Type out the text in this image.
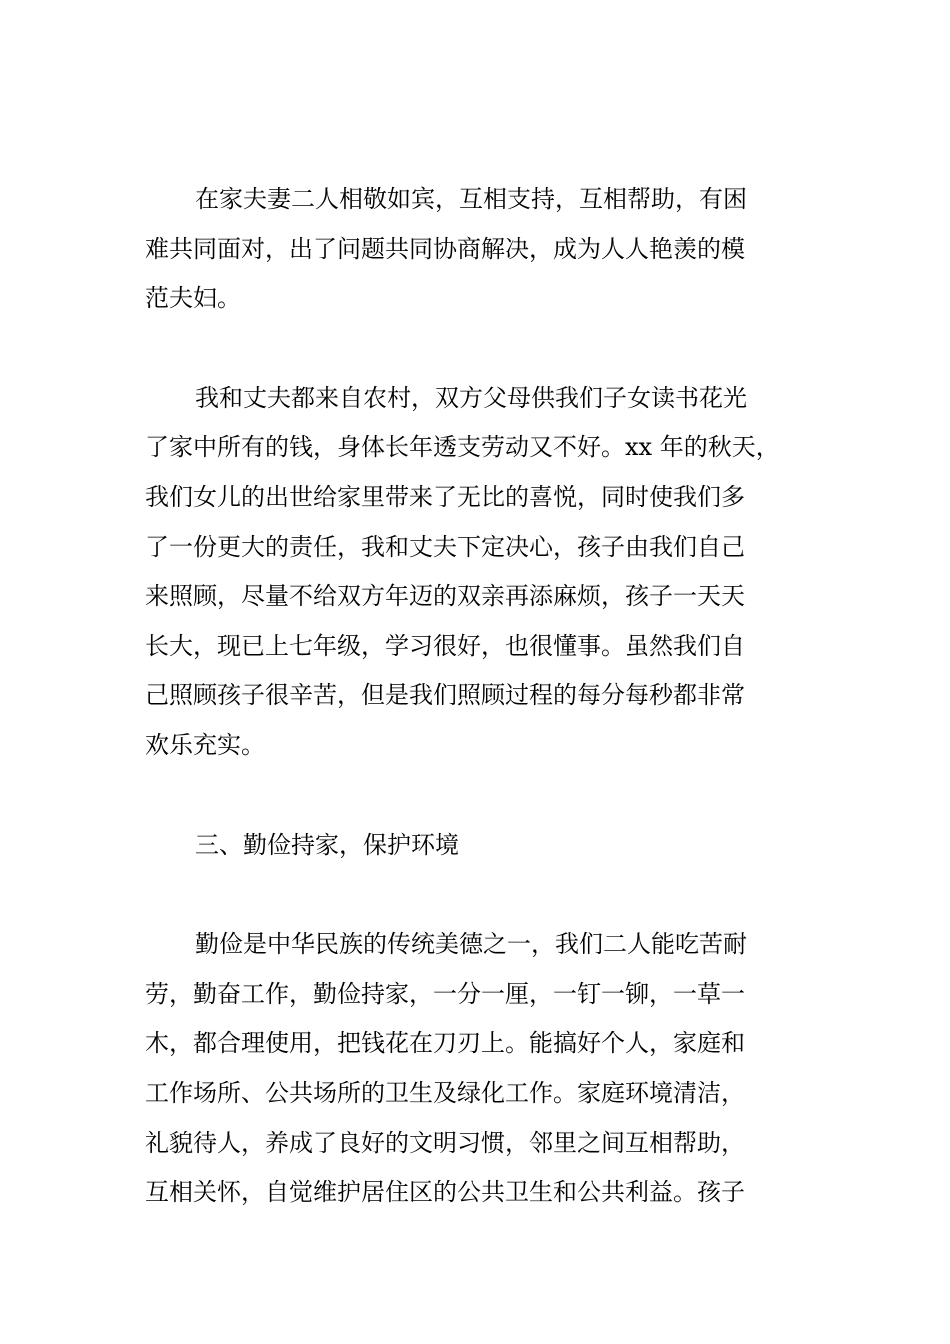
在家夫妻二人相敬如宾，互相支持，互相帮助，有困
难共同面对，出了问题共同协商解决，成为人人艳羡的模
范夫妇。

我和丈夫都来自农村，双方父母供我们子女读书花光
了家中所有的钱，身体长年透支劳动又不好。xx 年的秋天，
我们女儿的出世给家里带来了无比的喜悦，同时使我们多
了一份更大的责任，我和丈夫下定决心，孩子由我们自己
来照顾，尽量不给双方年迈的双亲再添麻烦，孩子一天天
长大，现已上七年级，学习很好，也很懂事。虽然我们自
己照顾孩子很辛苦，但是我们照顾过程的每分每秒都非常
欢乐充实。

三、勤俭持家，保护环境

勤俭是中华民族的传统美德之一，我们二人能吃苦耐
劳，勤奋工作，勤俭持家，一分一厘，一钉一铆，一草一
木，都合理使用，把钱花在刀刃上。能搞好个人，家庭和
工作场所、公共场所的卫生及绿化工作。家庭环境清洁，
礼貌待人，养成了良好的文明习惯，邻里之间互相帮助，
互相关怀，自觉维护居住区的公共卫生和公共利益。孩子
